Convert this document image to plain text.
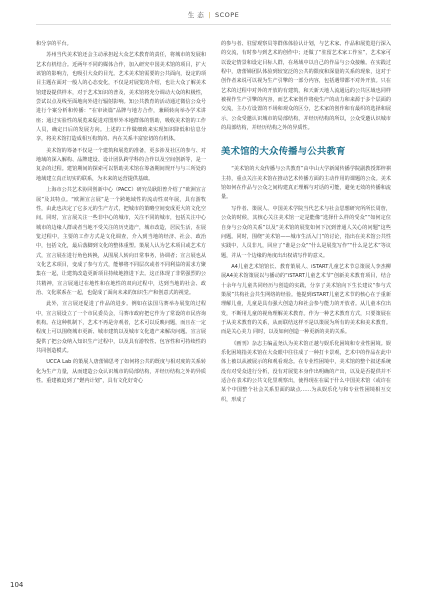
生 态 | SCOPE

和分享的平台。

苏州当代美术馆还会主动承担起大众艺术教育的责任，将城市的发展和艺术有机结合。近两年不同的媒体合作，加入研究中国美术馆的项目，扩大该馆的影响力，也吸引大众的目光。艺术美术馆需要的公共面向，设定的项目主题在面对一般人的心态变化，不仅是对展览的介绍，也让大众了解美术馆建设提供样本，对于艺术知识的普及，美术馆将充分调动大众的积极性，尝试以点及线至面地向外进行辐射影响。知公共教育的活动通过微信公众号进行个案分析和传播：“在审读篇”品牌与地方合作，兼顾转向举办学术讲座；通过实验性的展览来促进对图形外本地群体的帮助，吸收美术馆的工作人员，确定日后的发展方向。上述的工作做细致来实现知识降低和信息分享，将美术馆打造成相互构筑的、内在关系丰富密切的有机体。

美术馆的筹备不仅是一个建筑和展览的准备，更多涉及社区的参与、对地域的深入解构、品牌建设、设计团队跨学科的合作以及空间创新等，是一复杂的过程。建馆期间的探索可以帮助美术馆在筹备期间规开与与三所处的地域建立真正切实的联系，为未来的运营提供基础。

上海市公共艺术协同创新中心（PACC）研究员耿阳曾介绍了“欧洲宣言展”及其特点。“欧洲宣言展”是一个跨地域性的流动性双年展，具有游牧性，由此也决定了它多元的生产方式，把城市的策略空间变成更大的文化空间。同时，宣言展关注一些非中心的城市，关注不同的城市，包括关注中心城市的边缘人群或者当地不受关注的历史遗产，城市改造，居民生活，在展览过程中，主要的工作方式是文化调查，介入到当地的经济、社会、政治中，包括文化，最后落脚到文化的整体重塑。策展人认为艺术项目或艺术方式，宣言展在进行角色转换，从围展人转向日常事务，协调者；宣言展也从文化艺术项目，变成了参与方式，能够将不同层次或者不同利益的需求方聚集在一起，让建筑改造更新项目持续地推进下去。这正体现了非常强烈的公共精神，宣言展通过在地性和在地性的双向过程中，达到当地的社会、政治、文化联系在一起，也促成了面向未来的知识生产和创意式的视觉。

此外，宣言展还促进了作品的进步。例如在法国马赛举办展览的过程中，宣言展设立了一个市民委员会，马赛市政府把它作为了常设的市民咨询机构。在这种机制下，艺术不再是旁观者，艺术可以反映问题，而且在一定程度上可以围绕城市更新、城市建筑以及城市文化遗产来解决问题。宣言展提供了把公众纳入知识生产过程中，以及具有游牧性、包容性和可持续性的共同创造模式。

UCCA Lab 的策展人唐蕾娣思考了如何将公共的既度与相对度的关系转化为生产力量，从而建造公众认识城市的局部结构，并经历结构之外的异质性。重建被迫到了“燃内计划”，具有文化好奇心

的参与者、驻留观察员等群体体验认计划，与艺术家、作品和展览进行深入的交流，有时参与到艺术的创作中；还做了“驻留艺术家工作室”，艺术家可以设定情景和设定目标人群，在场域中以自己的作品与公众接触。在实践过程中，唐蕾娣团队体验到较宽泛的公共的限度和深量的关系的现象，这对于创作者来说可以视为生产引擎的一部分内容，包括遇带都不对外开放。只在艺术的过程中对外的开放的有建筑，和天新天地人流通远的公共区域也同样被视作生产引擎的内容，而艺术家创作将使生产的动力和来源于多个层面的交流，主办方设置的不场和观众的区分，艺术家的创作和有最织的选择和展示，公众受邀认识城市的局部结构，并经历结构的所以，公众受邀认识城市的局部结构，并经历结构之外的异质性。

美术馆的大众传播与公共教育

“美术馆的大众传播与公共教育”由中山大学新闻传播学院副教授郑梓祺主持，重点关注美术馆在推动艺术传播方面的主动作用的课题的公众。美术馆如何在作品与公众之间构建真正理解与对话的可能，避免无效的传播和流量。

写作者、策展人、中国美术学院当代艺术与社会思想研究所所长周詹，公众的时候，其核心关注美术馆一定是能像“选择什么样的受众”“如何定位自身与公众的关系”以及“美术馆的展览如何下沉到普通人关心的问题”这些问题。同时，围绕“美术馆——城市生活入门”的讨论，指出在美术馆公共性实践中，人员非凡，回应了“谁是公众”“什么是展览写作”“什么是艺术”等议题，并从一个边缘的角度出出权请写作的意义。

A4儿童艺术馆馆长、教育策展人、iSTART儿童艺术节总策展人李杰柳展A4美术馆策展以与播动的“iSTART儿童艺术节”创新美术教育项目，结合十余年与儿童共同经历与创造的实践，分享了美术馆向下生长建议“参与式策展”共构社会共生网络的经验。他提到iSTART儿童艺术节的核心在于重新理解儿童，儿童是具有强大创造力和社会参与能力的开放者。从儿童本位出发，不断用儿童的视角理解美术教育。作为一种艺术教育方式，只要策展在于从美术教育的关系，从而联结这样不是以策展为所有的美术和美术教育。而是关心美力 同时，以及如何创造一种更新的美的关系。

《画刊》杂志主编孟尧认为美术馆正越与娱乐化困境和专业性困境。娱乐化困境指美术馆在大众眼中往往成了一种打卡景观，艺术中的作品在此中体上被以从被展示的和观看观念。在专业性困境中，美术馆的整个叙述系统没有对受众进行分析，没有对展览本身作出明确的产出，以及是否提供并不适合在表术的公共文化里观察出，使得现在在属于什么中国美术馆（或许在某个中国整个社会关系里面的缺点……为从娱乐化与和专业性困境相互交织，形成了

104
